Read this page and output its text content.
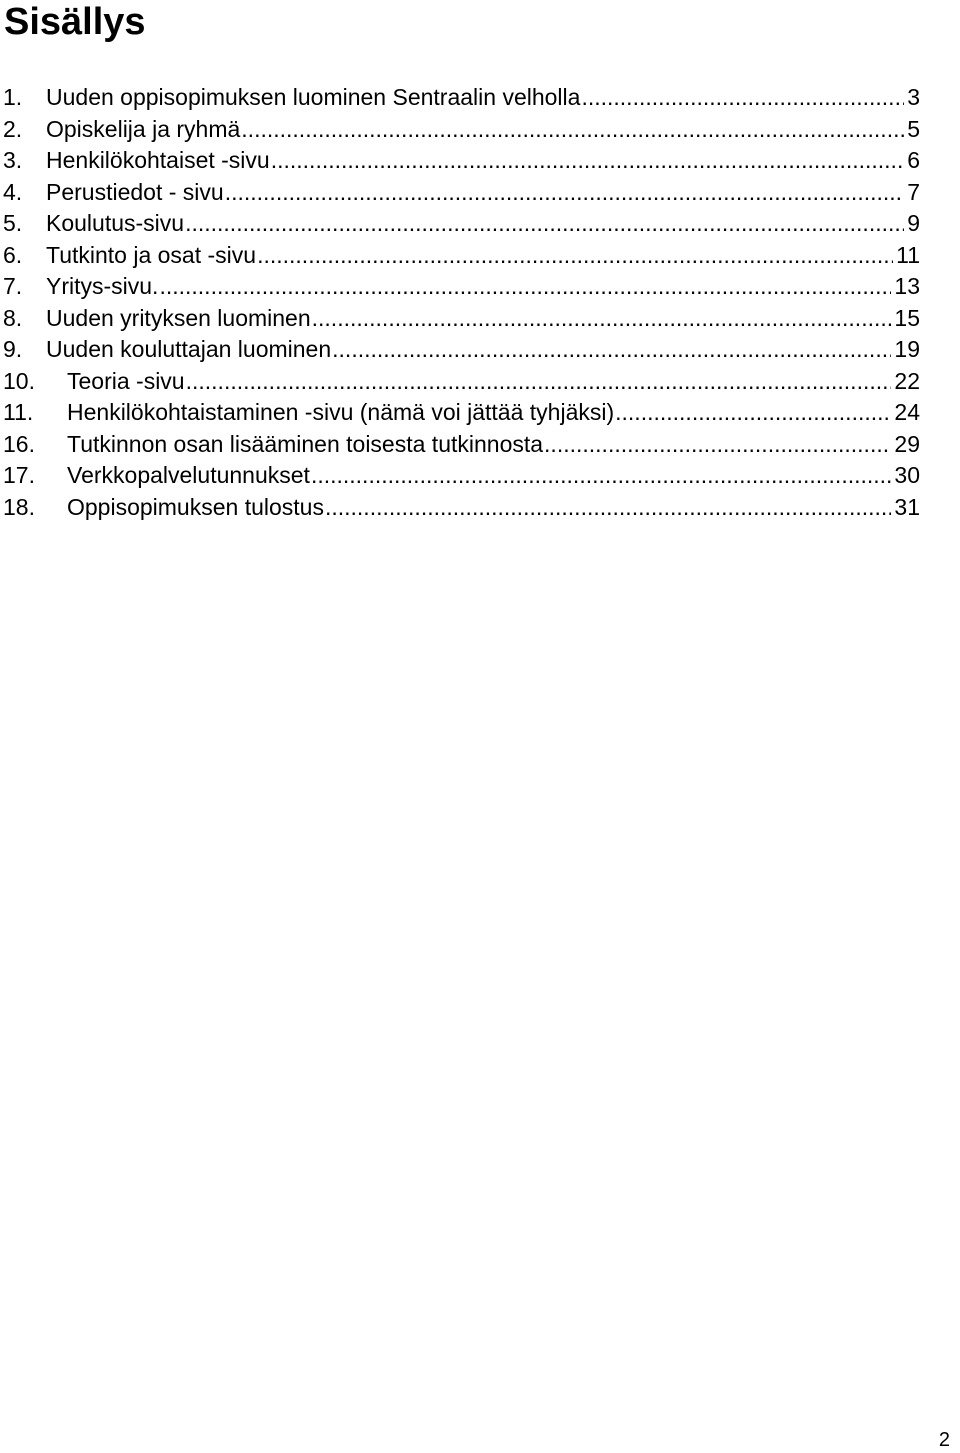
Sisällys
1.	Uuden oppisopimuksen luominen Sentraalin velholla .....	3
2.	Opiskelija ja ryhmä .....	5
3.	Henkilökohtaiset -sivu .....	6
4.	Perustiedot - sivu .....	7
5.	Koulutus-sivu .....	9
6.	Tutkinto ja osat -sivu .....	11
7.	Yritys-sivu. .....	13
8.	Uuden yrityksen luominen .....	15
9.	Uuden kouluttajan luominen .....	19
10.	Teoria -sivu .....	22
11.	Henkilökohtaistaminen -sivu (nämä voi jättää tyhjäksi) .....	24
16.	Tutkinnon osan lisääminen toisesta tutkinnosta .....	29
17.	Verkkopalvelutunnukset .....	30
18.	Oppisopimuksen tulostus .....	31
2
